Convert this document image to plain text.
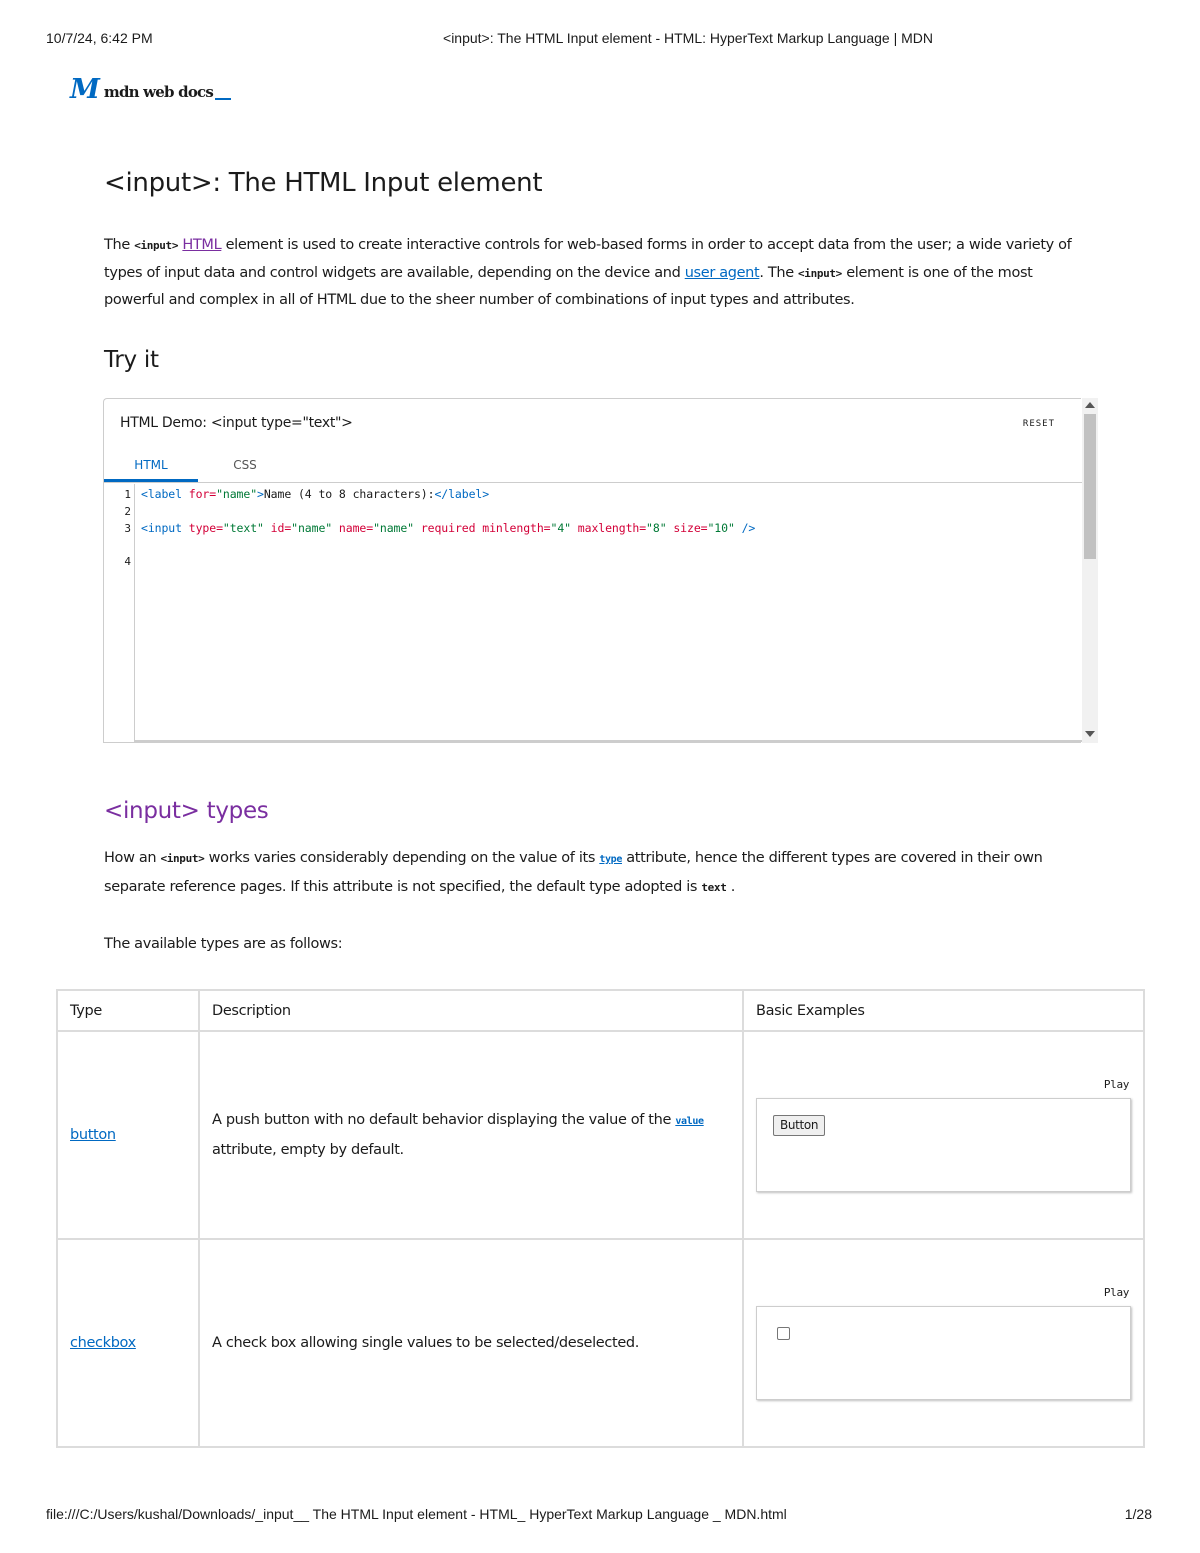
10/7/24, 6:42 PM	<input>: The HTML Input element - HTML: HyperText Markup Language | MDN
M mdn web docs
<input>: The HTML Input element

The <input> HTML element is used to create interactive controls for web-based forms in order to accept data from the user; a wide variety of types of input data and control widgets are available, depending on the device and user agent. The <input> element is one of the most powerful and complex in all of HTML due to the sheer number of combinations of input types and attributes.

Try it
HTML Demo: <input type="text">	RESET
HTML	CSS
1
2
3
4
<label for="name">Name (4 to 8 characters):</label>
<input type="text" id="name" name="name" required minlength="4" maxlength="8" size="10" />
<input> types

How an <input> works varies considerably depending on the value of its type attribute, hence the different types are covered in their own separate reference pages. If this attribute is not specified, the default type adopted is text .

The available types are as follows:

Type	Description	Basic Examples
button	A push button with no default behavior displaying the value of the value attribute, empty by default.	Play
Button

checkbox	A check box allowing single values to be selected/deselected.	Play
file:///C:/Users/kushal/Downloads/_input__ The HTML Input element - HTML_ HyperText Markup Language _ MDN.html	1/28
